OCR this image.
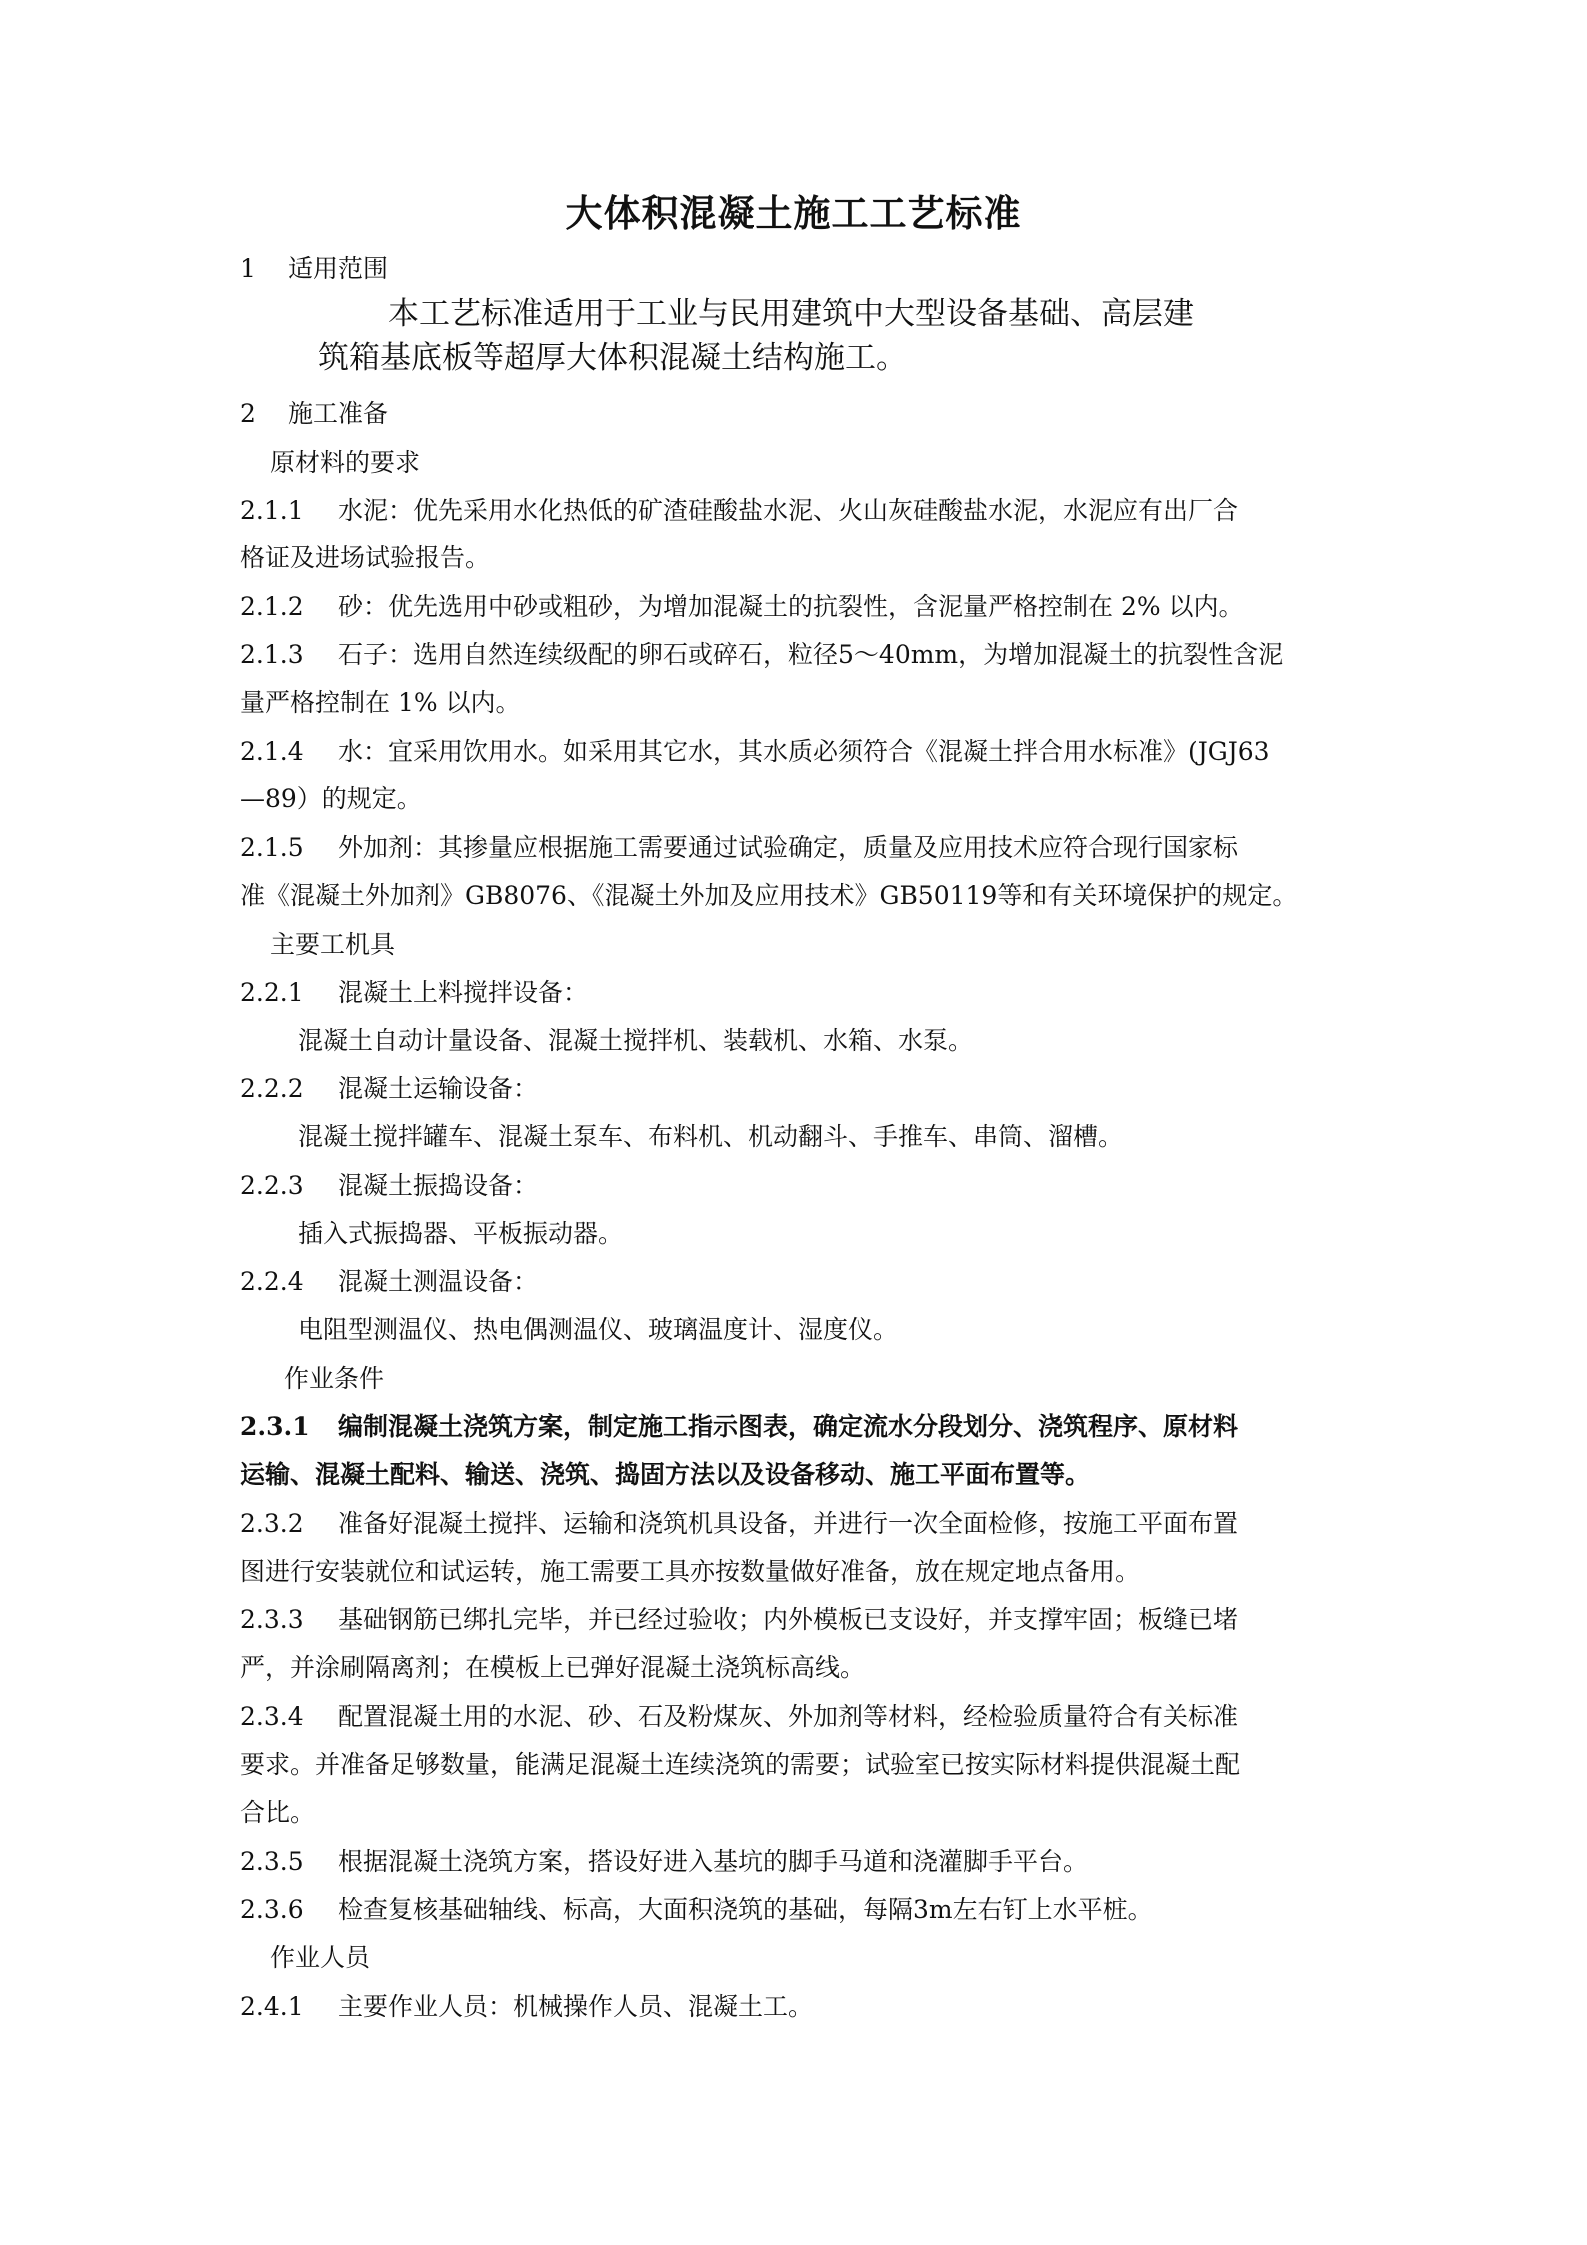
大体积混凝土施工工艺标准
1 适用范围
本工艺标准适用于工业与民用建筑中大型设备基础、高层建
筑箱基底板等超厚大体积混凝土结构施工。
2 施工准备
原材料的要求
2.1.1 水泥：优先采用水化热低的矿渣硅酸盐水泥、火山灰硅酸盐水泥，水泥应有出厂合
格证及进场试验报告。
2.1.2 砂：优先选用中砂或粗砂，为增加混凝土的抗裂性，含泥量严格控制在 2% 以内。
2.1.3 石子：选用自然连续级配的卵石或碎石，粒径5～40mm，为增加混凝土的抗裂性含泥
量严格控制在 1% 以内。
2.1.4 水：宜采用饮用水。如采用其它水，其水质必须符合《混凝土拌合用水标准》(JGJ63
—89）的规定。
2.1.5 外加剂：其掺量应根据施工需要通过试验确定，质量及应用技术应符合现行国家标
准《混凝土外加剂》GB8076、《混凝土外加及应用技术》GB50119等和有关环境保护的规定。
主要工机具
2.2.1 混凝土上料搅拌设备：
混凝土自动计量设备、混凝土搅拌机、装载机、水箱、水泵。
2.2.2 混凝土运输设备：
混凝土搅拌罐车、混凝土泵车、布料机、机动翻斗、手推车、串筒、溜槽。
2.2.3 混凝土振捣设备：
插入式振捣器、平板振动器。
2.2.4 混凝土测温设备：
电阻型测温仪、热电偶测温仪、玻璃温度计、湿度仪。
作业条件
2.3.1 编制混凝土浇筑方案，制定施工指示图表，确定流水分段划分、浇筑程序、原材料
运输、混凝土配料、输送、浇筑、捣固方法以及设备移动、施工平面布置等。
2.3.2 准备好混凝土搅拌、运输和浇筑机具设备，并进行一次全面检修，按施工平面布置
图进行安装就位和试运转，施工需要工具亦按数量做好准备，放在规定地点备用。
2.3.3 基础钢筋已绑扎完毕，并已经过验收；内外模板已支设好，并支撑牢固；板缝已堵
严，并涂刷隔离剂；在模板上已弹好混凝土浇筑标高线。
2.3.4 配置混凝土用的水泥、砂、石及粉煤灰、外加剂等材料，经检验质量符合有关标准
要求。并准备足够数量，能满足混凝土连续浇筑的需要；试验室已按实际材料提供混凝土配
合比。
2.3.5 根据混凝土浇筑方案，搭设好进入基坑的脚手马道和浇灌脚手平台。
2.3.6 检查复核基础轴线、标高，大面积浇筑的基础，每隔3m左右钉上水平桩。
作业人员
2.4.1 主要作业人员：机械操作人员、混凝土工。
